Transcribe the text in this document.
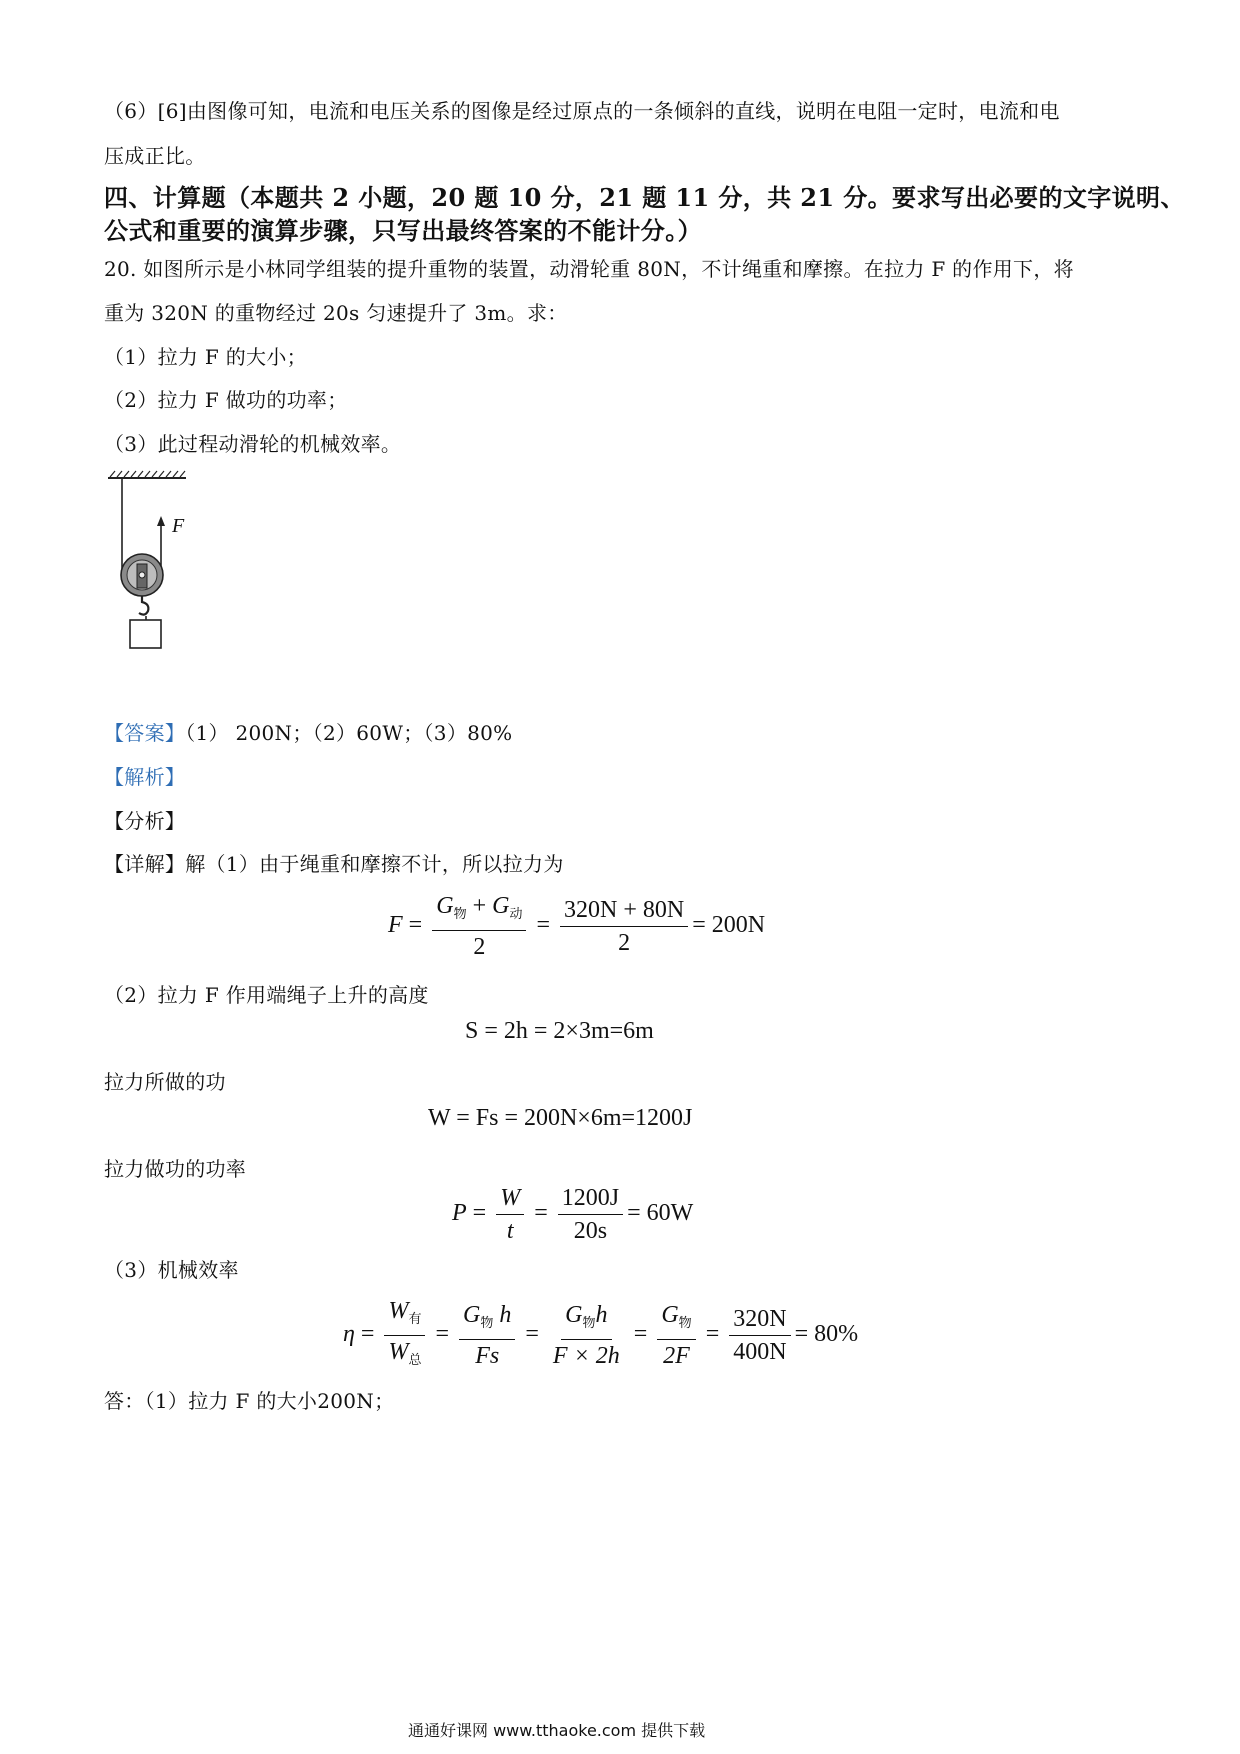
（6）[6]由图像可知，电流和电压关系的图像是经过原点的一条倾斜的直线，说明在电阻一定时，电流和电
压成正比。
四、计算题（本题共 2 小题，20 题 10 分，21 题 11 分，共 21 分。要求写出必要的文字说明、
公式和重要的演算步骤，只写出最终答案的不能计分。）
20. 如图所示是小林同学组装的提升重物的装置，动滑轮重 80N，不计绳重和摩擦。在拉力 F 的作用下，将
重为 320N 的重物经过 20s 匀速提升了 3m。求：
（1）拉力 F 的大小；
（2）拉力 F 做功的功率；
（3）此过程动滑轮的机械效率。
F
【答案】（1） 200N；（2）60W；（3）80%
【解析】
【分析】
【详解】解（1）由于绳重和摩擦不计，所以拉力为
$F = \frac{G_物 + G_动}{2} = \frac{320N + 80N}{2} = 200N$
（2）拉力 F 作用端绳子上升的高度
S = 2h = 2×3m=6m
拉力所做的功
W = Fs = 200N×6m=1200J
拉力做功的功率
$P = \frac{W}{t} = \frac{1200J}{20s} = 60W$
（3）机械效率
$\eta = \frac{W_有}{W_总} = \frac{G_物 h}{Fs} = \frac{G_物h}{F \times 2h} = \frac{G_物}{2F} = \frac{320N}{400N} = 80\%$
答：（1）拉力 F 的大小200N；
通通好课网 www.tthaoke.com 提供下载
